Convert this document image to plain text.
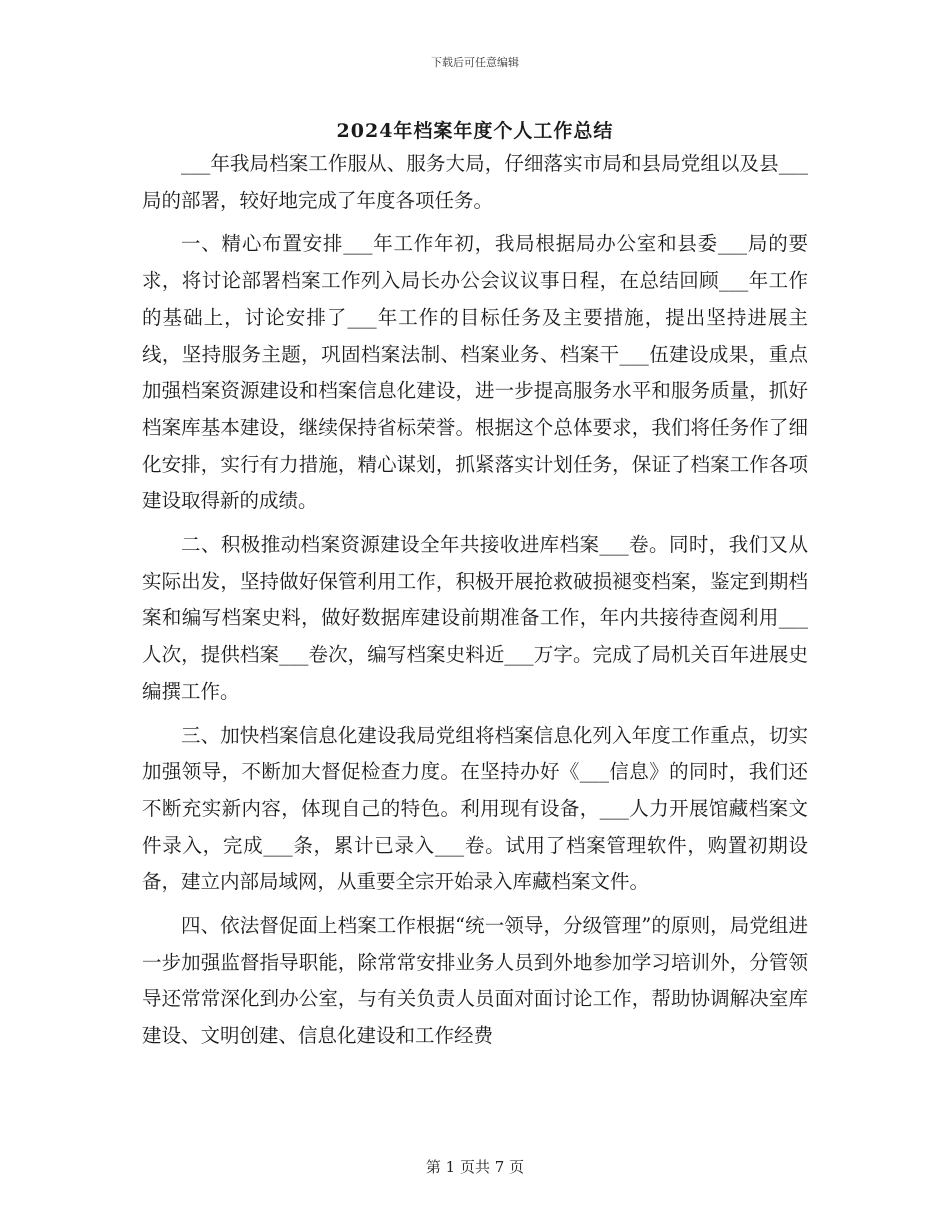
下载后可任意编辑
2024年档案年度个人工作总结

___年我局档案工作服从、服务大局，仔细落实市局和县局党组以及县___局的部署，较好地完成了年度各项任务。

一、精心布置安排___年工作年初，我局根据局办公室和县委___局的要求，将讨论部署档案工作列入局长办公会议议事日程，在总结回顾___年工作的基础上，讨论安排了___年工作的目标任务及主要措施，提出坚持进展主线，坚持服务主题，巩固档案法制、档案业务、档案干___伍建设成果，重点加强档案资源建设和档案信息化建设，进一步提高服务水平和服务质量，抓好档案库基本建设，继续保持省标荣誉。根据这个总体要求，我们将任务作了细化安排，实行有力措施，精心谋划，抓紧落实计划任务，保证了档案工作各项建设取得新的成绩。

二、积极推动档案资源建设全年共接收进库档案___卷。同时，我们又从实际出发，坚持做好保管利用工作，积极开展抢救破损褪变档案，鉴定到期档案和编写档案史料，做好数据库建设前期准备工作，年内共接待查阅利用___人次，提供档案___卷次，编写档案史料近___万字。完成了局机关百年进展史编撰工作。

三、加快档案信息化建设我局党组将档案信息化列入年度工作重点，切实加强领导，不断加大督促检查力度。在坚持办好《___信息》的同时，我们还不断充实新内容，体现自己的特色。利用现有设备，___人力开展馆藏档案文件录入，完成___条，累计已录入___卷。试用了档案管理软件，购置初期设备，建立内部局域网，从重要全宗开始录入库藏档案文件。

四、依法督促面上档案工作根据“统一领导，分级管理”的原则，局党组进一步加强监督指导职能，除常常安排业务人员到外地参加学习培训外，分管领导还常常深化到办公室，与有关负责人员面对面讨论工作，帮助协调解决室库建设、文明创建、信息化建设和工作经费

第 1 页共 7 页
